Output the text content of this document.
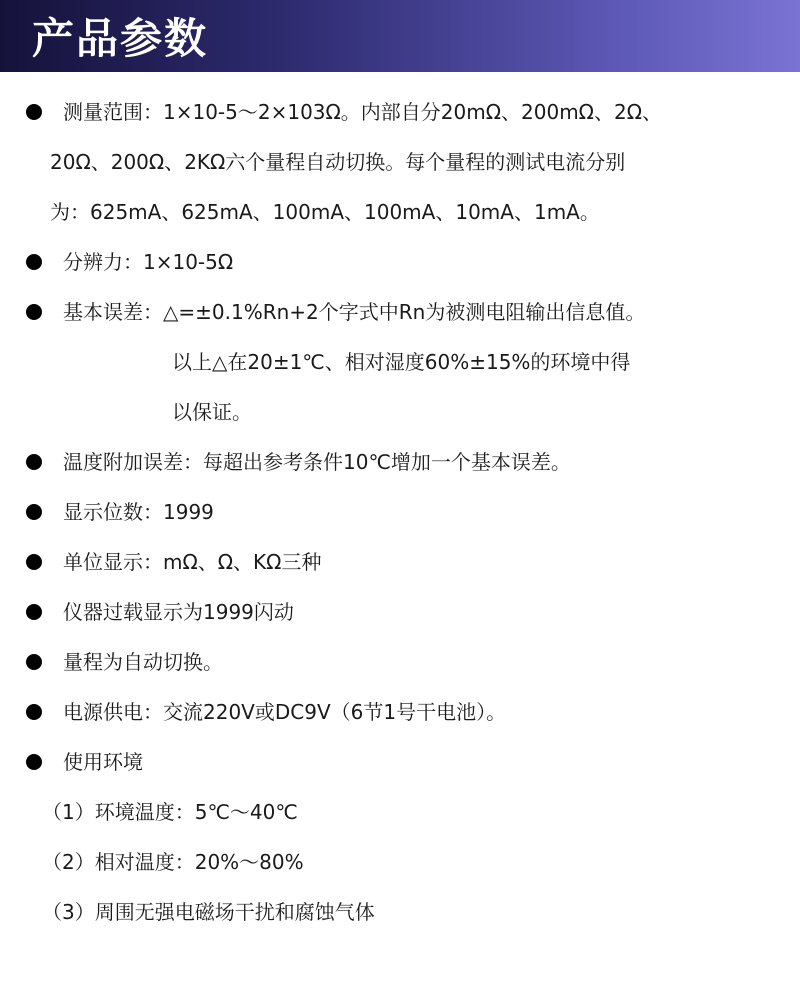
产品参数
测量范围：1×10-5～2×103Ω。内部自分20mΩ、200mΩ、2Ω、
20Ω、200Ω、2KΩ六个量程自动切换。每个量程的测试电流分别
为：625mA、625mA、100mA、100mA、10mA、1mA。
分辨力：1×10-5Ω
基本误差：△=±0.1%Rn+2个字式中Rn为被测电阻输出信息值。
以上△在20±1℃、相对湿度60%±15%的环境中得
以保证。
温度附加误差：每超出参考条件10℃增加一个基本误差。
显示位数：1999
单位显示：mΩ、Ω、KΩ三种
仪器过载显示为1999闪动
量程为自动切换。
电源供电：交流220V或DC9V（6节1号干电池）。
使用环境
（1）环境温度：5℃～40℃
（2）相对温度：20%～80%
（3）周围无强电磁场干扰和腐蚀气体
